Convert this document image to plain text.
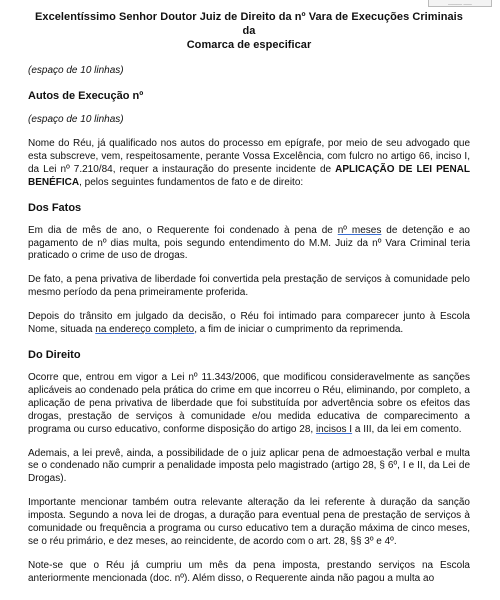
_____ ___
Excelentíssimo Senhor Doutor Juiz de Direito da nº Vara de Execuções Criminais da
Comarca de especificar
(espaço de 10 linhas)
Autos de Execução nº
(espaço de 10 linhas)

Nome do Réu, já qualificado nos autos do processo em epígrafe, por meio de seu advogado que esta subscreve, vem, respeitosamente, perante Vossa Excelência, com fulcro no artigo 66, inciso I, da Lei nº 7.210/84, requer a instauração do presente incidente de APLICAÇÃO DE LEI PENAL BENÉFICA, pelos seguintes fundamentos de fato e de direito:

Dos Fatos

Em dia de mês de ano, o Requerente foi condenado à pena de nº meses de detenção e ao pagamento de nº dias multa, pois segundo entendimento do M.M. Juiz da nº Vara Criminal teria praticado o crime de uso de drogas.

De fato, a pena privativa de liberdade foi convertida pela prestação de serviços à comunidade pelo mesmo período da pena primeiramente proferida.

Depois do trânsito em julgado da decisão, o Réu foi intimado para comparecer junto à Escola Nome, situada na endereço completo, a fim de iniciar o cumprimento da reprimenda.

Do Direito

Ocorre que, entrou em vigor a Lei nº 11.343/2006, que modificou consideravelmente as sanções aplicáveis ao condenado pela prática do crime em que incorreu o Réu, eliminando, por completo, a aplicação de pena privativa de liberdade que foi substituída por advertência sobre os efeitos das drogas, prestação de serviços à comunidade e/ou medida educativa de comparecimento a programa ou curso educativo, conforme disposição do artigo 28, incisos I a III, da lei em comento.

Ademais, a lei prevê, ainda, a possibilidade de o juiz aplicar pena de admoestação verbal e multa se o condenado não cumprir a penalidade imposta pelo magistrado (artigo 28, § 6º, I e II, da Lei de Drogas).

Importante mencionar também outra relevante alteração da lei referente à duração da sanção imposta. Segundo a nova lei de drogas, a duração para eventual pena de prestação de serviços à comunidade ou frequência a programa ou curso educativo tem a duração máxima de cinco meses, se o réu primário, e dez meses, ao reincidente, de acordo com o art. 28, §§ 3º e 4º.

Note-se que o Réu já cumpriu um mês da pena imposta, prestando serviços na Escola anteriormente mencionada (doc. nº). Além disso, o Requerente ainda não pagou a multa ao
